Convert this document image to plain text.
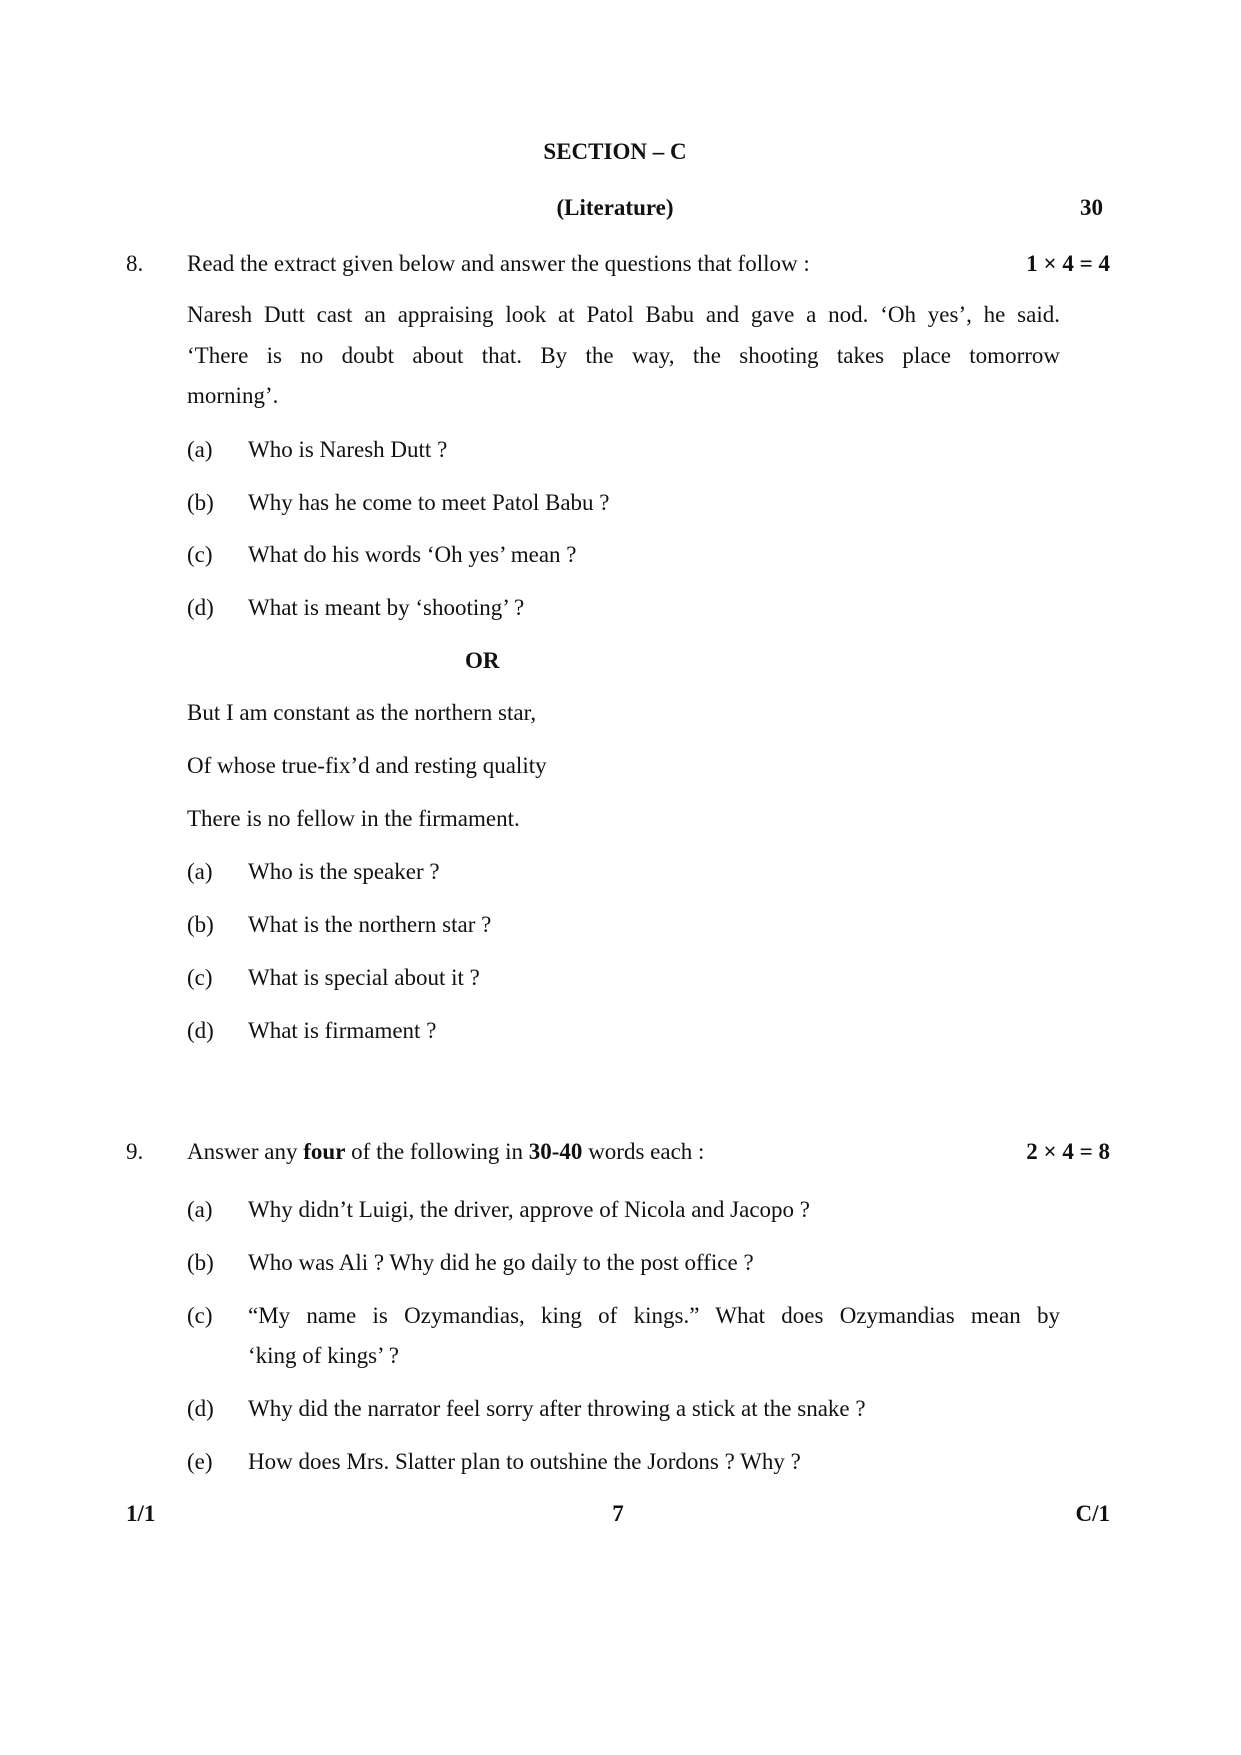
SECTION – C
(Literature)	30
8. Read the extract given below and answer the questions that follow :	1 × 4 = 4
Naresh Dutt cast an appraising look at Patol Babu and gave a nod. ‘Oh yes’, he said.
‘There is no doubt about that. By the way, the shooting takes place tomorrow
morning’.
(a) Who is Naresh Dutt ?
(b) Why has he come to meet Patol Babu ?
(c) What do his words ‘Oh yes’ mean ?
(d) What is meant by ‘shooting’ ?
OR
But I am constant as the northern star,
Of whose true-fix’d and resting quality
There is no fellow in the firmament.
(a) Who is the speaker ?
(b) What is the northern star ?
(c) What is special about it ?
(d) What is firmament ?
9. Answer any four of the following in 30-40 words each :	2 × 4 = 8
(a) Why didn’t Luigi, the driver, approve of Nicola and Jacopo ?
(b) Who was Ali ? Why did he go daily to the post office ?
(c) “My name is Ozymandias, king of kings.” What does Ozymandias mean by
‘king of kings’ ?
(d) Why did the narrator feel sorry after throwing a stick at the snake ?
(e) How does Mrs. Slatter plan to outshine the Jordons ? Why ?
1/1	7	C/1
